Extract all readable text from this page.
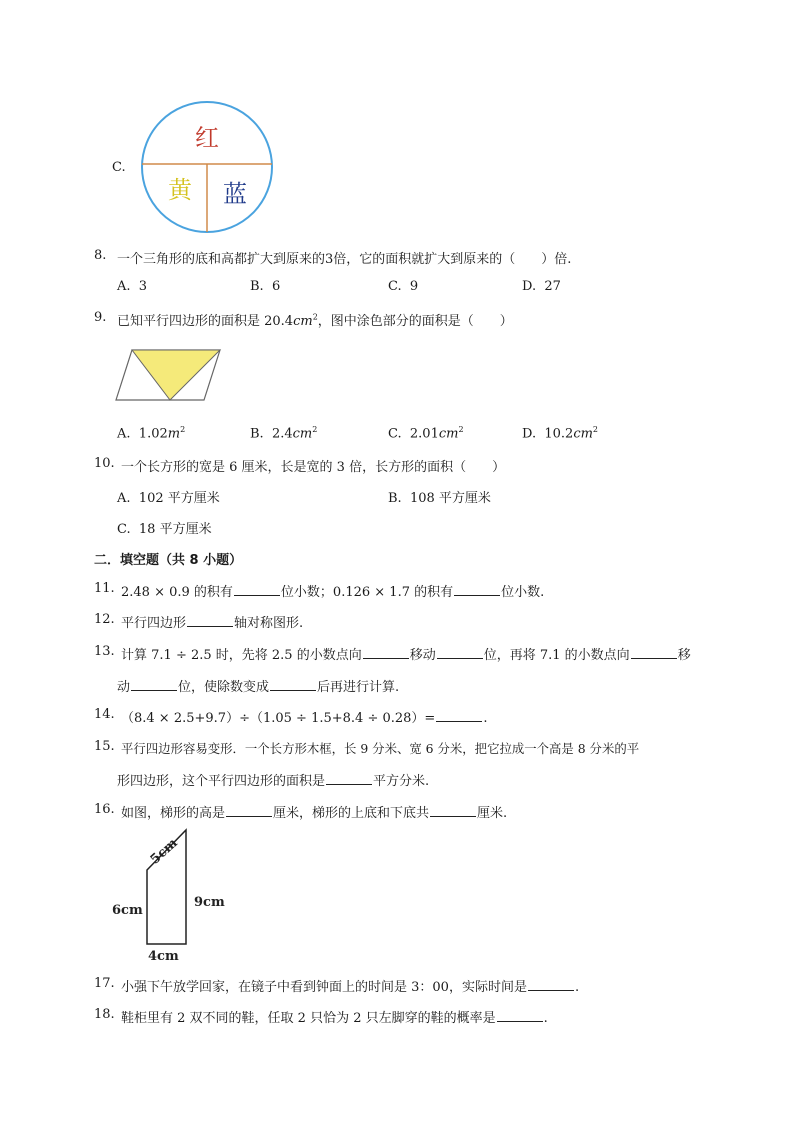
C.
红
黄 蓝
8. 一个三角形的底和高都扩大到原来的3倍，它的面积就扩大到原来的（　　）倍.
A. 3	B. 6	C. 9	D. 27
9. 已知平行四边形的面积是 $20.4cm^2$，图中涂色部分的面积是（　　）
A. $1.02m^2$	B. $2.4cm^2$	C. $2.01cm^2$	D. $10.2cm^2$
10. 一个长方形的宽是 6 厘米，长是宽的 3 倍，长方形的面积（　　）
A. 102 平方厘米	B. 108 平方厘米
C. 18 平方厘米
二．填空题（共 8 小题）
11. 2.48 × 0.9 的积有	位小数；0.126 × 1.7 的积有	位小数.
12. 平行四边形	轴对称图形.
13. 计算 7.1 ÷ 2.5 时，先将 2.5 的小数点向	移动	位，再将 7.1 的小数点向	移
动	位，使除数变成	后再进行计算.
14. （8.4 × 2.5+9.7）÷（1.05 ÷ 1.5+8.4 ÷ 0.28）=	.
15. 平行四边形容易变形．一个长方形木框，长 9 分米、宽 6 分米，把它拉成一个高是 8 分米的平
形四边形，这个平行四边形的面积是	平方分米.
16. 如图，梯形的高是	厘米，梯形的上底和下底共	厘米.
5cm
6cm
9cm
4cm
17. 小强下午放学回家，在镜子中看到钟面上的时间是 3：00，实际时间是	.
18. 鞋柜里有 2 双不同的鞋，任取 2 只恰为 2 只左脚穿的鞋的概率是	.
